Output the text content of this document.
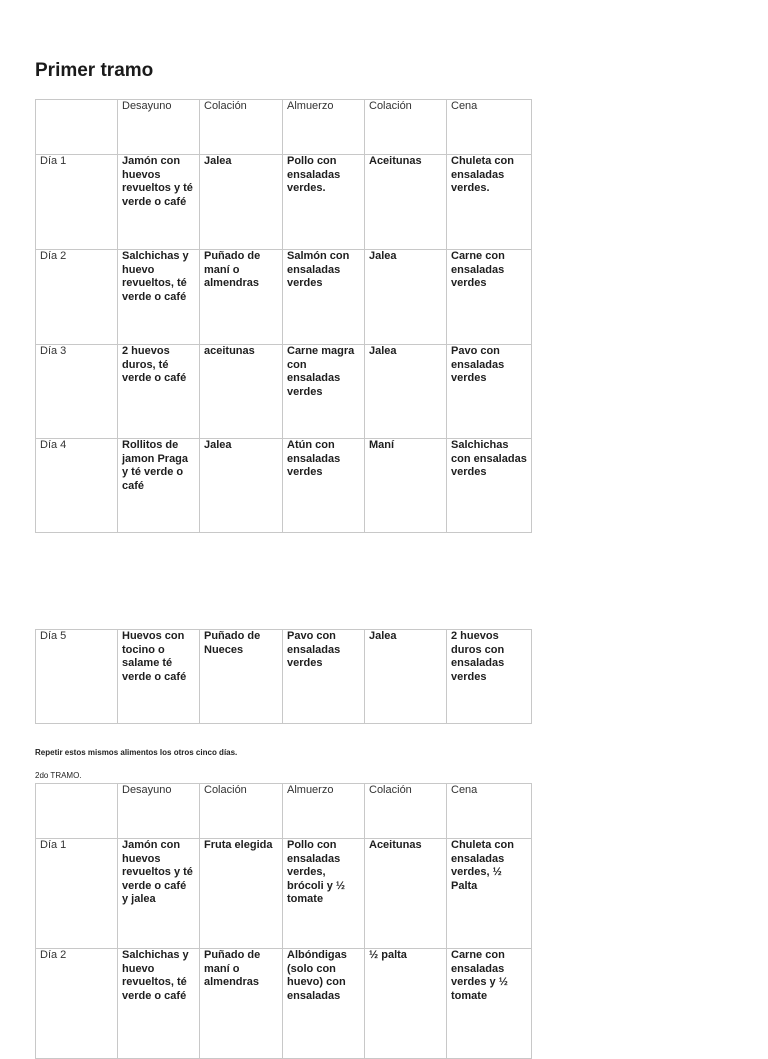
Primer tramo
	Desayuno	Colación	Almuerzo	Colación	Cena
Día 1	Jamón con huevos revueltos y té verde o café	Jalea	Pollo con ensaladas verdes.	Aceitunas	Chuleta con ensaladas verdes.
Día 2	Salchichas y huevo revueltos, té verde o café	Puñado de maní o almendras	Salmón con ensaladas verdes	Jalea	Carne con ensaladas verdes
Día 3	2 huevos duros, té verde o café	aceitunas	Carne magra con ensaladas verdes	Jalea	Pavo con ensaladas verdes
Día 4	Rollitos de jamon Praga y té verde o café	Jalea	Atún con ensaladas verdes	Maní	Salchichas con ensaladas verdes
Día 5	Huevos con tocino o salame té verde o café	Puñado de Nueces	Pavo con ensaladas verdes	Jalea	2 huevos duros con ensaladas verdes

Repetir estos mismos alimentos los otros cinco días.

2do TRAMO.

	Desayuno	Colación	Almuerzo	Colación	Cena
Día 1	Jamón con huevos revueltos y té verde o café y jalea	Fruta elegida	Pollo con ensaladas verdes, brócoli y ½ tomate	Aceitunas	Chuleta con ensaladas verdes, ½ Palta
Día 2	Salchichas y huevo revueltos, té verde o café	Puñado de maní o almendras	Albóndigas (solo con huevo) con ensaladas	½ palta	Carne con ensaladas verdes y ½ tomate
